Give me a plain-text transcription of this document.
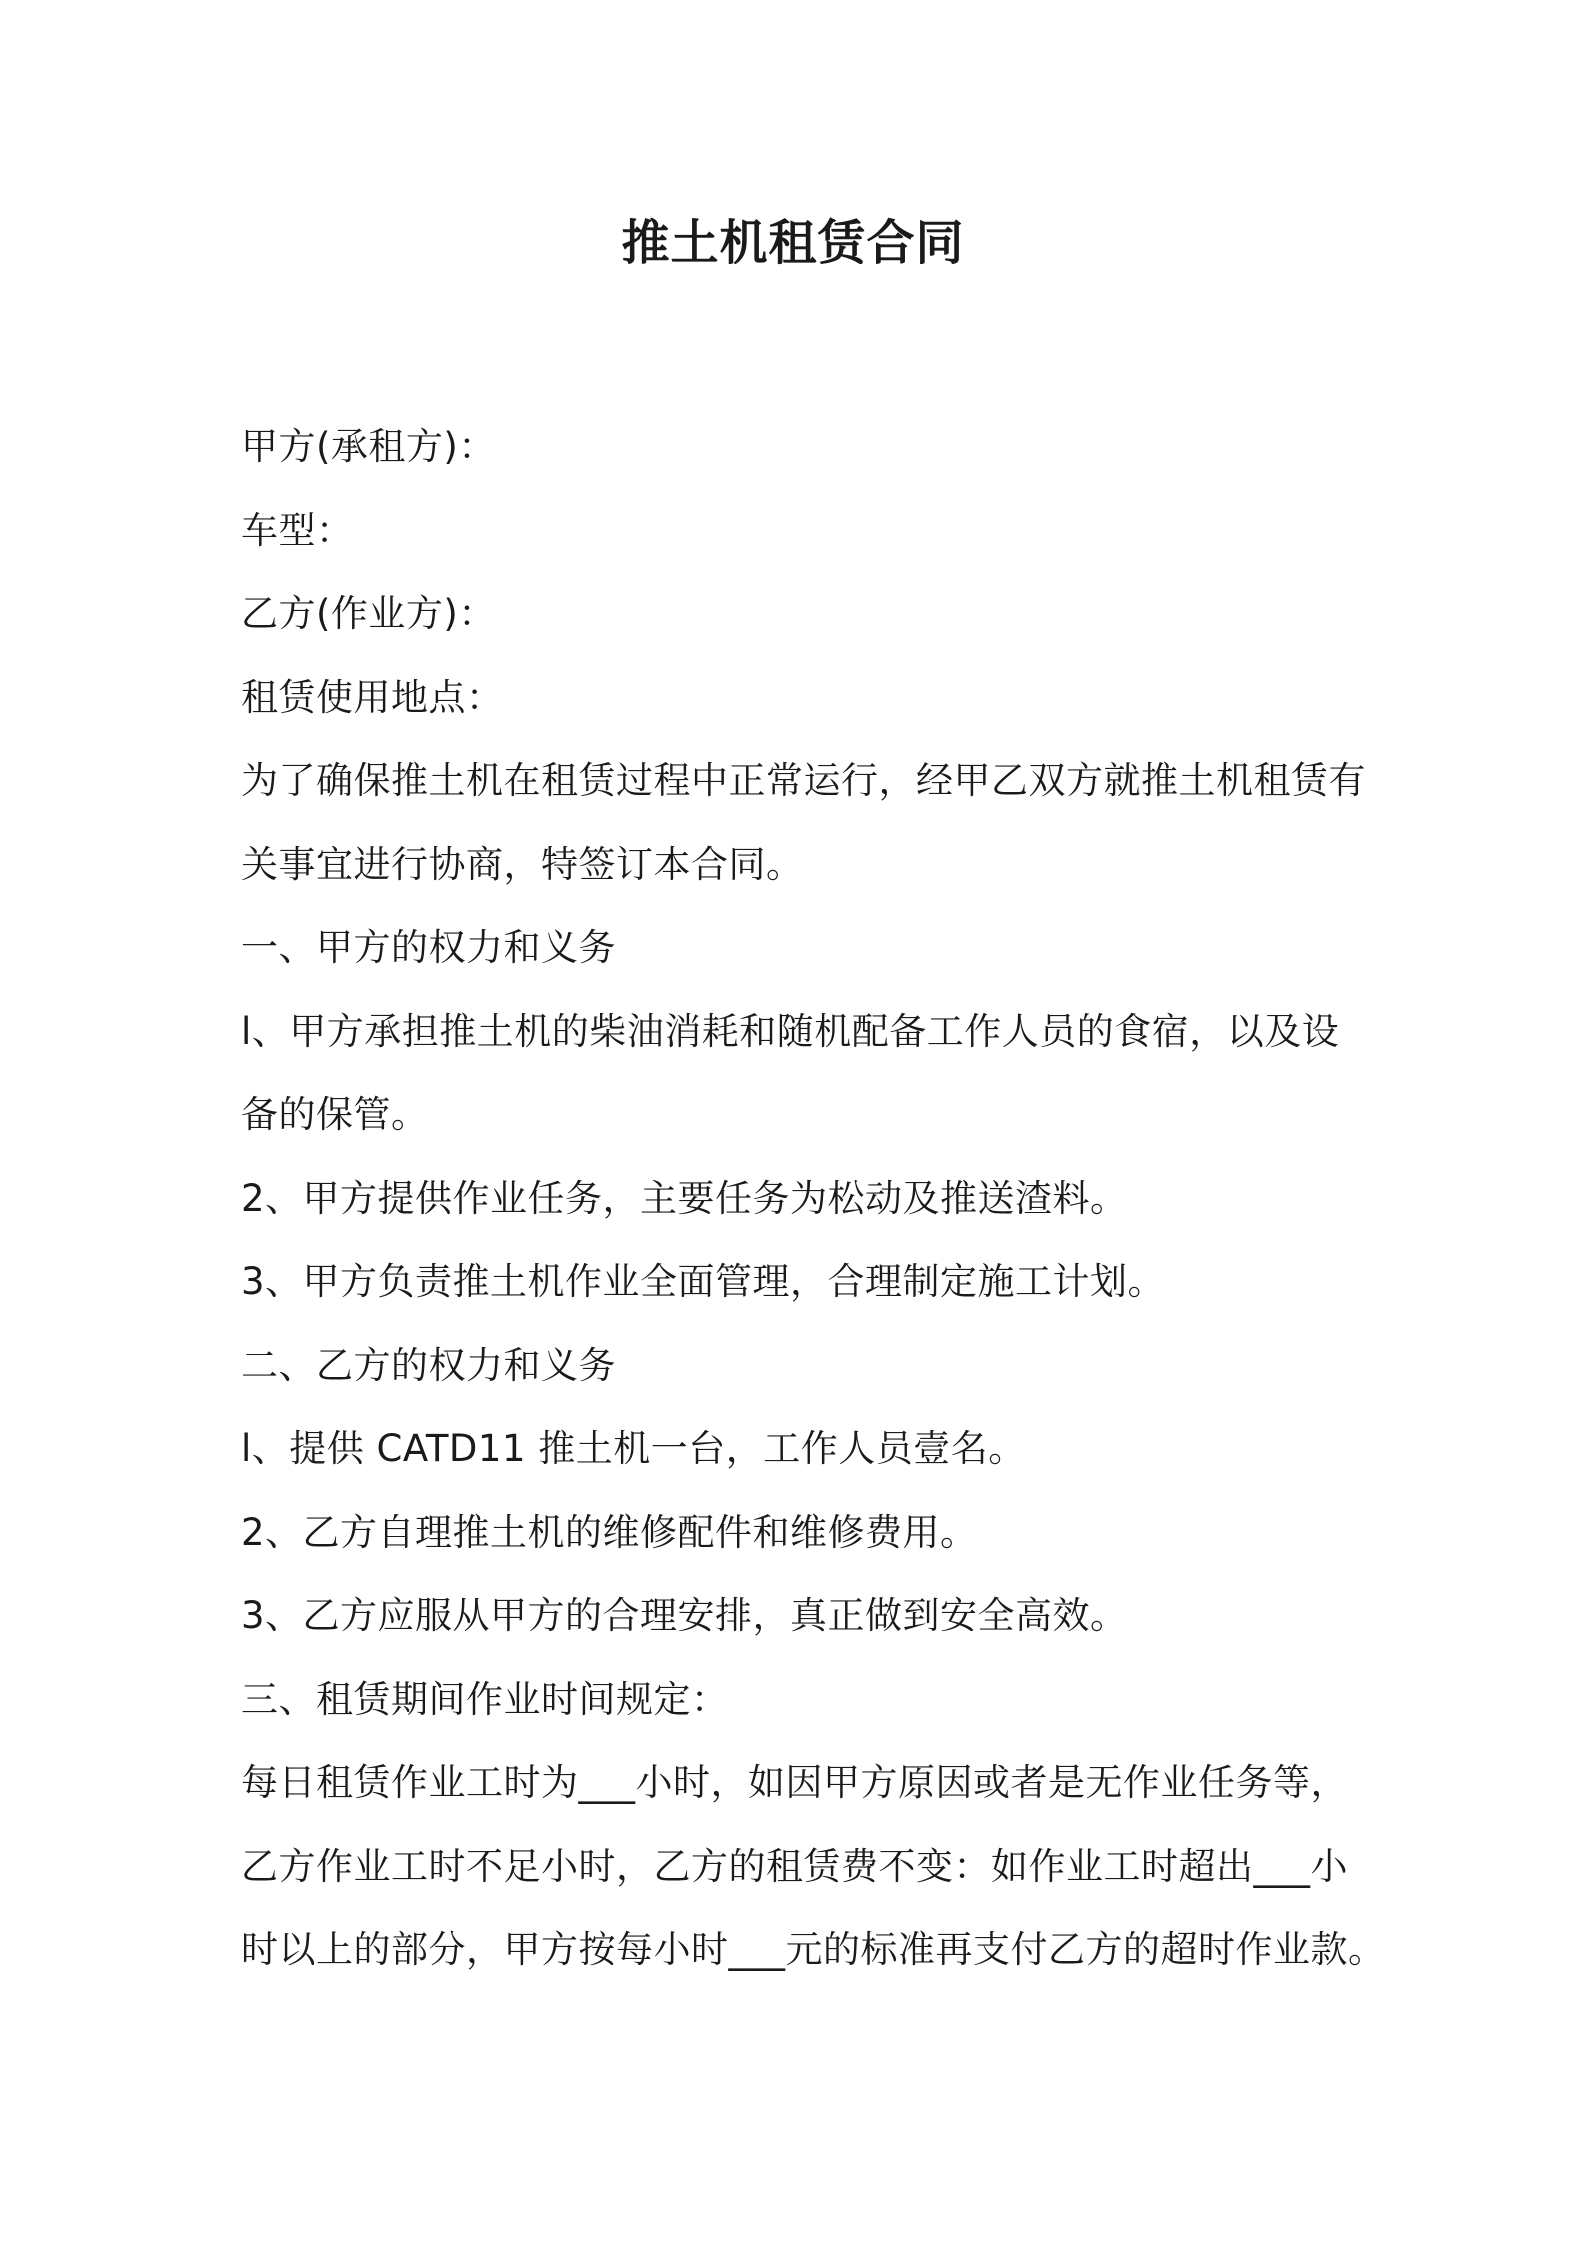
推土机租赁合同
甲方(承租方)：
车型：
乙方(作业方)：
租赁使用地点：
为了确保推土机在租赁过程中正常运行，经甲乙双方就推土机租赁有
关事宜进行协商，特签订本合同。
一、甲方的权力和义务
l、甲方承担推土机的柴油消耗和随机配备工作人员的食宿，以及设
备的保管。
2、甲方提供作业任务，主要任务为松动及推送渣料。
3、甲方负责推土机作业全面管理，合理制定施工计划。
二、乙方的权力和义务
l、提供 CATD11 推土机一台，工作人员壹名。
2、乙方自理推土机的维修配件和维修费用。
3、乙方应服从甲方的合理安排，真正做到安全高效。
三、租赁期间作业时间规定：
每日租赁作业工时为___小时，如因甲方原因或者是无作业任务等，
乙方作业工时不足小时，乙方的租赁费不变：如作业工时超出___小
时以上的部分，甲方按每小时___元的标准再支付乙方的超时作业款。
